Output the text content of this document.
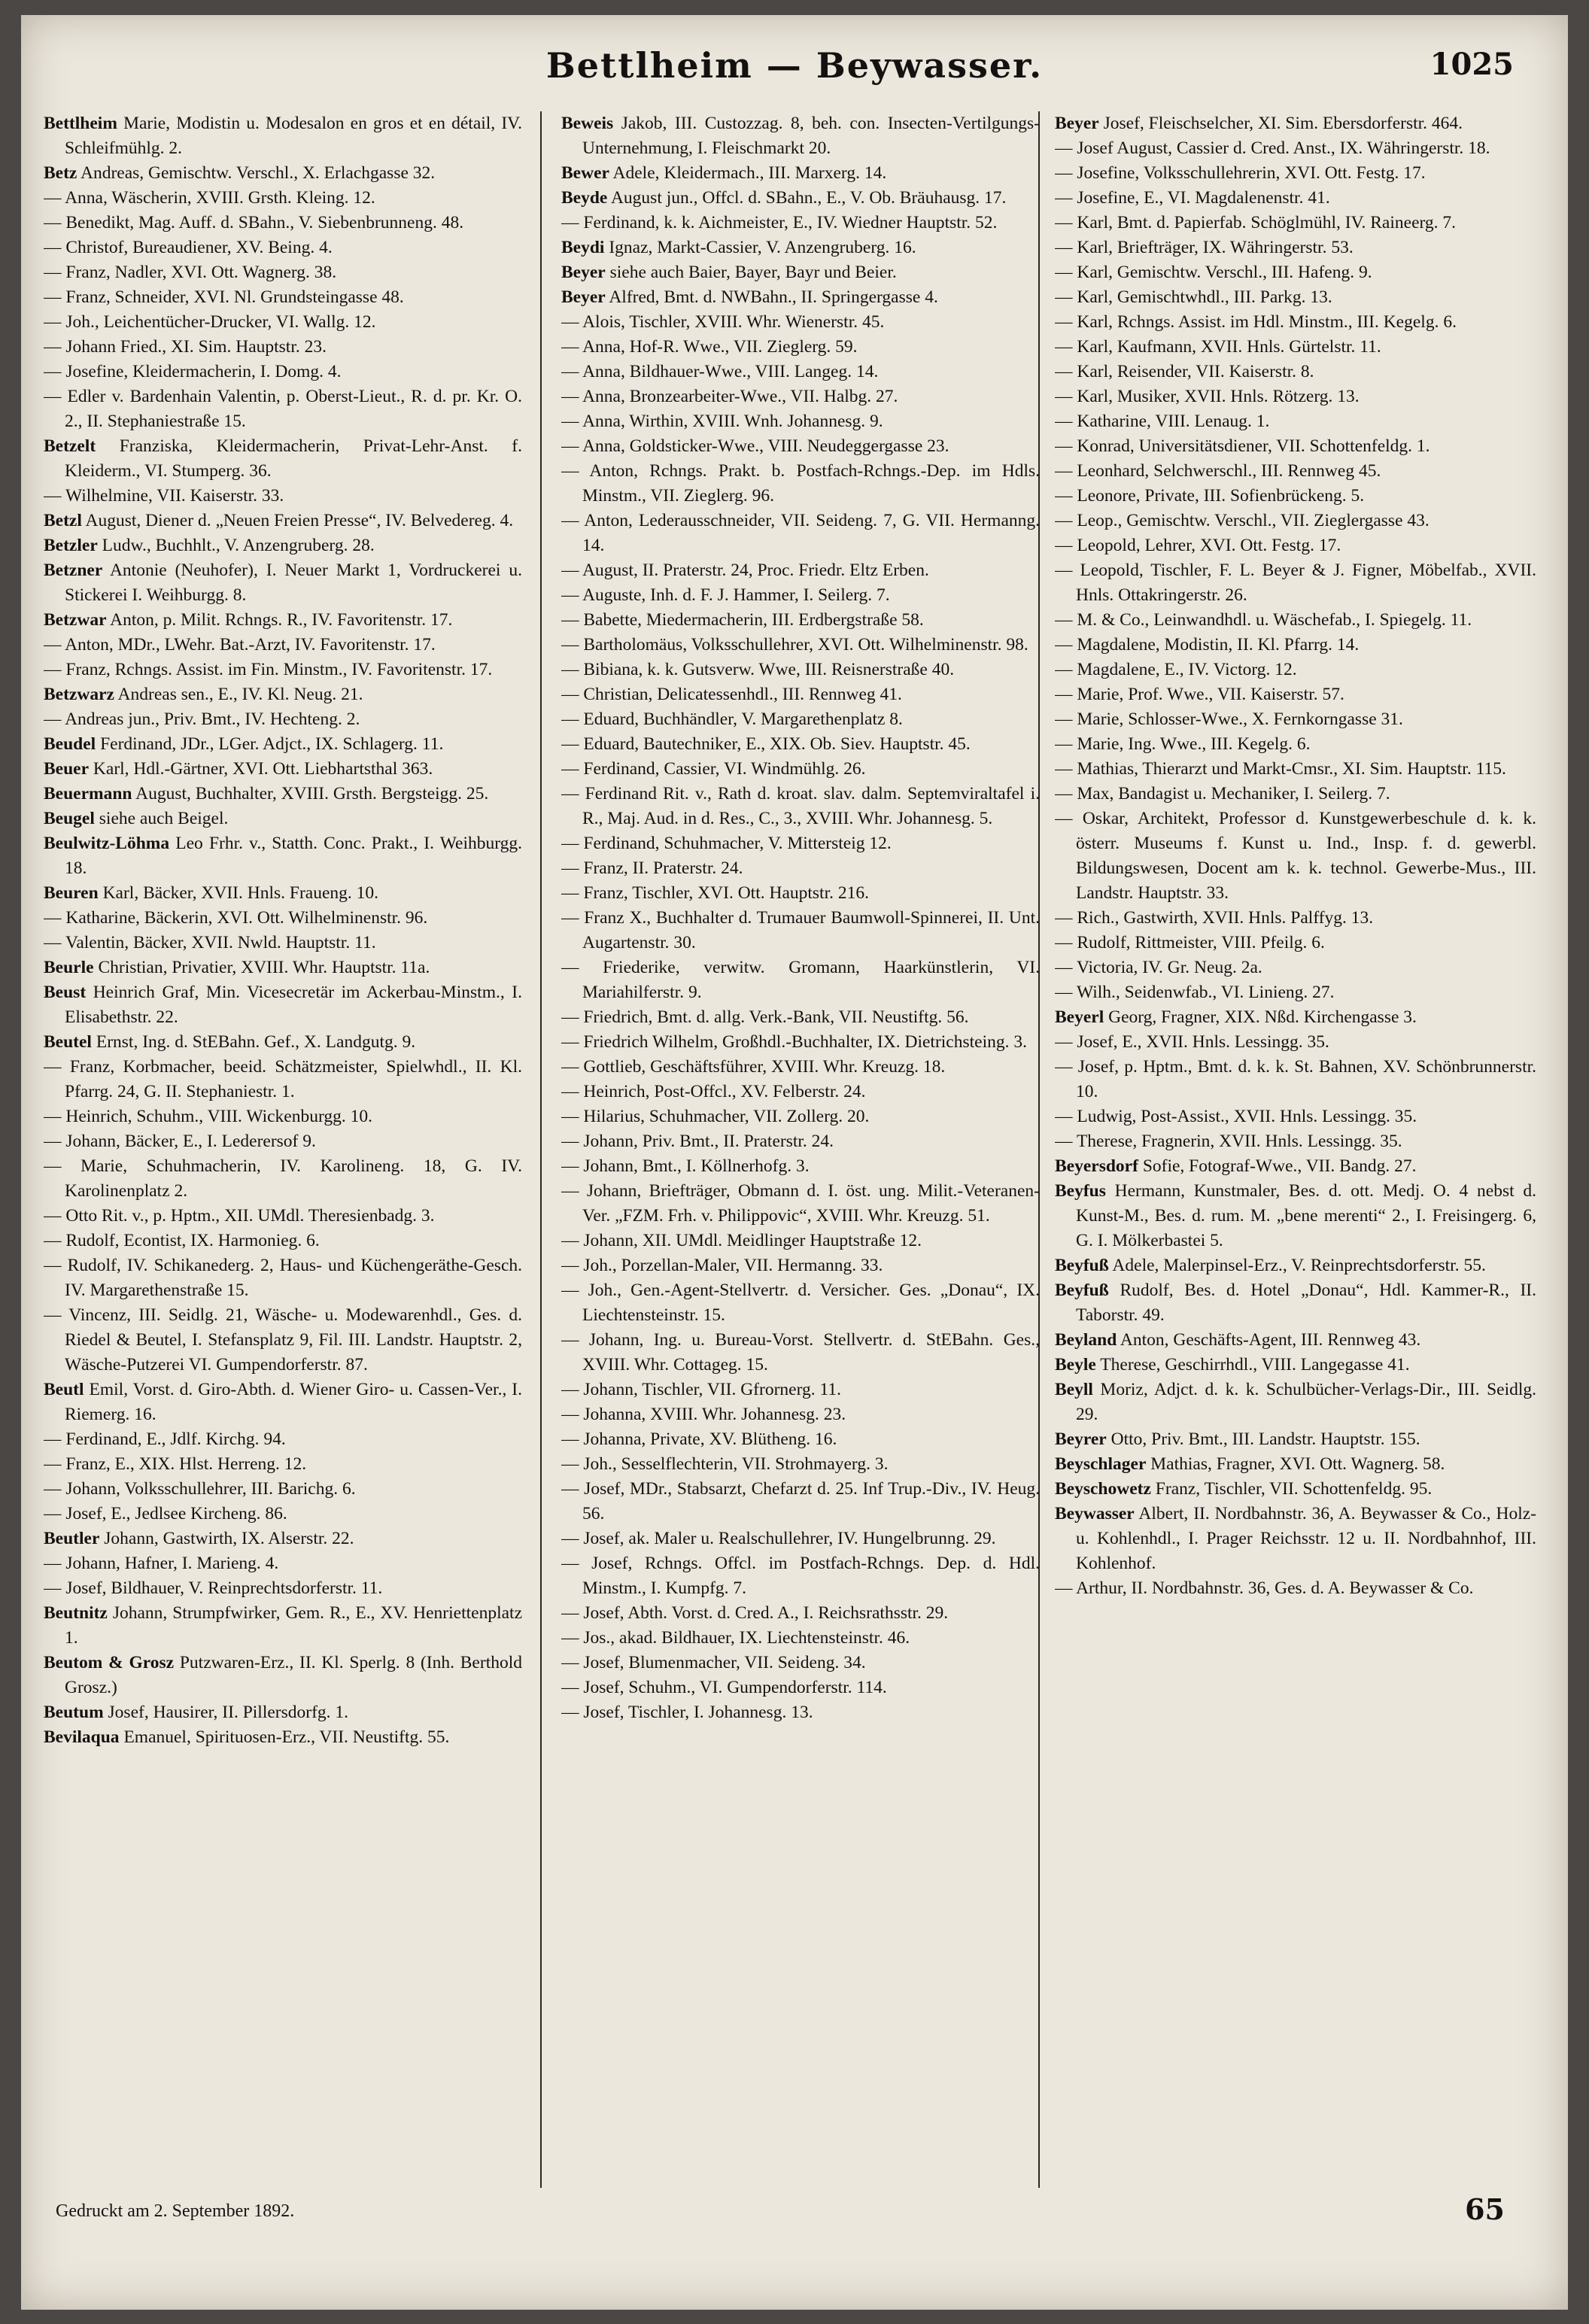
Bettlheim — Beywasser.	1025

Bettlheim Marie, Modistin u. Modesalon en gros et en détail, IV. Schleifmühlg. 2.

Betz Andreas, Gemischtw. Verschl., X. Erlachgasse 32.

— Anna, Wäscherin, XVIII. Grsth. Kleing. 12.

— Benedikt, Mag. Auff. d. SBahn., V. Siebenbrunneng. 48.

— Christof, Bureaudiener, XV. Being. 4.

— Franz, Nadler, XVI. Ott. Wagnerg. 38.

— Franz, Schneider, XVI. Nl. Grundsteingasse 48.

— Joh., Leichentücher-Drucker, VI. Wallg. 12.

— Johann Fried., XI. Sim. Hauptstr. 23.

— Josefine, Kleidermacherin, I. Domg. 4.

— Edler v. Bardenhain Valentin, p. Oberst-Lieut., R. d. pr. Kr. O. 2., II. Stephaniestraße 15.

Betzelt Franziska, Kleidermacherin, Privat-Lehr-Anst. f. Kleiderm., VI. Stumperg. 36.

— Wilhelmine, VII. Kaiserstr. 33.

Betzl August, Diener d. „Neuen Freien Presse“, IV. Belvedereg. 4.

Betzler Ludw., Buchhlt., V. Anzengruberg. 28.

Betzner Antonie (Neuhofer), I. Neuer Markt 1, Vordruckerei u. Stickerei I. Weihburgg. 8.

Betzwar Anton, p. Milit. Rchngs. R., IV. Favoritenstr. 17.

— Anton, MDr., LWehr. Bat.-Arzt, IV. Favoritenstr. 17.

— Franz, Rchngs. Assist. im Fin. Minstm., IV. Favoritenstr. 17.

Betzwarz Andreas sen., E., IV. Kl. Neug. 21.

— Andreas jun., Priv. Bmt., IV. Hechteng. 2.

Beudel Ferdinand, JDr., LGer. Adjct., IX. Schlagerg. 11.

Beuer Karl, Hdl.-Gärtner, XVI. Ott. Liebhartsthal 363.

Beuermann August, Buchhalter, XVIII. Grsth. Bergsteigg. 25.

Beugel siehe auch Beigel.

Beulwitz-Löhma Leo Frhr. v., Statth. Conc. Prakt., I. Weihburgg. 18.

Beuren Karl, Bäcker, XVII. Hnls. Fraueng. 10.

— Katharine, Bäckerin, XVI. Ott. Wilhelminenstr. 96.

— Valentin, Bäcker, XVII. Nwld. Hauptstr. 11.

Beurle Christian, Privatier, XVIII. Whr. Hauptstr. 11a.

Beust Heinrich Graf, Min. Vicesecretär im Ackerbau-Minstm., I. Elisabethstr. 22.

Beutel Ernst, Ing. d. StEBahn. Gef., X. Landgutg. 9.

— Franz, Korbmacher, beeid. Schätzmeister, Spielwhdl., II. Kl. Pfarrg. 24, G. II. Stephaniestr. 1.

— Heinrich, Schuhm., VIII. Wickenburgg. 10.

— Johann, Bäcker, E., I. Lederersof 9.

— Marie, Schuhmacherin, IV. Karolineng. 18, G. IV. Karolinenplatz 2.

— Otto Rit. v., p. Hptm., XII. UMdl. Theresienbadg. 3.

— Rudolf, Econtist, IX. Harmonieg. 6.

— Rudolf, IV. Schikanederg. 2, Haus- und Küchengeräthe-Gesch. IV. Margarethenstraße 15.

— Vincenz, III. Seidlg. 21, Wäsche- u. Modewarenhdl., Ges. d. Riedel & Beutel, I. Stefansplatz 9, Fil. III. Landstr. Hauptstr. 2, Wäsche-Putzerei VI. Gumpendorferstr. 87.

Beutl Emil, Vorst. d. Giro-Abth. d. Wiener Giro- u. Cassen-Ver., I. Riemerg. 16.

— Ferdinand, E., Jdlf. Kirchg. 94.

— Franz, E., XIX. Hlst. Herreng. 12.

— Johann, Volksschullehrer, III. Barichg. 6.

— Josef, E., Jedlsee Kircheng. 86.

Beutler Johann, Gastwirth, IX. Alserstr. 22.

— Johann, Hafner, I. Marieng. 4.

— Josef, Bildhauer, V. Reinprechtsdorferstr. 11.

Beutnitz Johann, Strumpfwirker, Gem. R., E., XV. Henriettenplatz 1.

Beutom & Grosz Putzwaren-Erz., II. Kl. Sperlg. 8 (Inh. Berthold Grosz.)

Beutum Josef, Hausirer, II. Pillersdorfg. 1.

Bevilaqua Emanuel, Spirituosen-Erz., VII. Neustiftg. 55.

Beweis Jakob, III. Custozzag. 8, beh. con. Insecten-Vertilgungs-Unternehmung, I. Fleischmarkt 20.

Bewer Adele, Kleidermach., III. Marxerg. 14.

Beyde August jun., Offcl. d. SBahn., E., V. Ob. Bräuhausg. 17.

— Ferdinand, k. k. Aichmeister, E., IV. Wiedner Hauptstr. 52.

Beydi Ignaz, Markt-Cassier, V. Anzengruberg. 16.

Beyer siehe auch Baier, Bayer, Bayr und Beier.

Beyer Alfred, Bmt. d. NWBahn., II. Springergasse 4.

— Alois, Tischler, XVIII. Whr. Wienerstr. 45.

— Anna, Hof-R. Wwe., VII. Zieglerg. 59.

— Anna, Bildhauer-Wwe., VIII. Langeg. 14.

— Anna, Bronzearbeiter-Wwe., VII. Halbg. 27.

— Anna, Wirthin, XVIII. Wnh. Johannesg. 9.

— Anna, Goldsticker-Wwe., VIII. Neudeggergasse 23.

— Anton, Rchngs. Prakt. b. Postfach-Rchngs.-Dep. im Hdls. Minstm., VII. Zieglerg. 96.

— Anton, Lederausschneider, VII. Seideng. 7, G. VII. Hermanng. 14.

— August, II. Praterstr. 24, Proc. Friedr. Eltz Erben.

— Auguste, Inh. d. F. J. Hammer, I. Seilerg. 7.

— Babette, Miedermacherin, III. Erdbergstraße 58.

— Bartholomäus, Volksschullehrer, XVI. Ott. Wilhelminenstr. 98.

— Bibiana, k. k. Gutsverw. Wwe, III. Reisnerstraße 40.

— Christian, Delicatessenhdl., III. Rennweg 41.

— Eduard, Buchhändler, V. Margarethenplatz 8.

— Eduard, Bautechniker, E., XIX. Ob. Siev. Hauptstr. 45.

— Ferdinand, Cassier, VI. Windmühlg. 26.

— Ferdinand Rit. v., Rath d. kroat. slav. dalm. Septemviraltafel i. R., Maj. Aud. in d. Res., C., 3., XVIII. Whr. Johannesg. 5.

— Ferdinand, Schuhmacher, V. Mittersteig 12.

— Franz, II. Praterstr. 24.

— Franz, Tischler, XVI. Ott. Hauptstr. 216.

— Franz X., Buchhalter d. Trumauer Baumwoll-Spinnerei, II. Unt. Augartenstr. 30.

— Friederike, verwitw. Gromann, Haarkünstlerin, VI. Mariahilferstr. 9.

— Friedrich, Bmt. d. allg. Verk.-Bank, VII. Neustiftg. 56.

— Friedrich Wilhelm, Großhdl.-Buchhalter, IX. Dietrichsteing. 3.

— Gottlieb, Geschäftsführer, XVIII. Whr. Kreuzg. 18.

— Heinrich, Post-Offcl., XV. Felberstr. 24.

— Hilarius, Schuhmacher, VII. Zollerg. 20.

— Johann, Priv. Bmt., II. Praterstr. 24.

— Johann, Bmt., I. Köllnerhofg. 3.

— Johann, Briefträger, Obmann d. I. öst. ung. Milit.-Veteranen-Ver. „FZM. Frh. v. Philippovic“, XVIII. Whr. Kreuzg. 51.

— Johann, XII. UMdl. Meidlinger Hauptstraße 12.

— Joh., Porzellan-Maler, VII. Hermanng. 33.

— Joh., Gen.-Agent-Stellvertr. d. Versicher. Ges. „Donau“, IX. Liechtensteinstr. 15.

— Johann, Ing. u. Bureau-Vorst. Stellvertr. d. StEBahn. Ges., XVIII. Whr. Cottageg. 15.

— Johann, Tischler, VII. Gfrornerg. 11.

— Johanna, XVIII. Whr. Johannesg. 23.

— Johanna, Private, XV. Blütheng. 16.

— Joh., Sesselflechterin, VII. Strohmayerg. 3.

— Josef, MDr., Stabsarzt, Chefarzt d. 25. Inf Trup.-Div., IV. Heug. 56.

— Josef, ak. Maler u. Realschullehrer, IV. Hungelbrunng. 29.

— Josef, Rchngs. Offcl. im Postfach-Rchngs. Dep. d. Hdl. Minstm., I. Kumpfg. 7.

— Josef, Abth. Vorst. d. Cred. A., I. Reichsrathsstr. 29.

— Jos., akad. Bildhauer, IX. Liechtensteinstr. 46.

— Josef, Blumenmacher, VII. Seideng. 34.

— Josef, Schuhm., VI. Gumpendorferstr. 114.

— Josef, Tischler, I. Johannesg. 13.

Beyer Josef, Fleischselcher, XI. Sim. Ebersdorferstr. 464.

— Josef August, Cassier d. Cred. Anst., IX. Währingerstr. 18.

— Josefine, Volksschullehrerin, XVI. Ott. Festg. 17.

— Josefine, E., VI. Magdalenenstr. 41.

— Karl, Bmt. d. Papierfab. Schöglmühl, IV. Raineerg. 7.

— Karl, Briefträger, IX. Währingerstr. 53.

— Karl, Gemischtw. Verschl., III. Hafeng. 9.

— Karl, Gemischtwhdl., III. Parkg. 13.

— Karl, Rchngs. Assist. im Hdl. Minstm., III. Kegelg. 6.

— Karl, Kaufmann, XVII. Hnls. Gürtelstr. 11.

— Karl, Reisender, VII. Kaiserstr. 8.

— Karl, Musiker, XVII. Hnls. Rötzerg. 13.

— Katharine, VIII. Lenaug. 1.

— Konrad, Universitätsdiener, VII. Schottenfeldg. 1.

— Leonhard, Selchwerschl., III. Rennweg 45.

— Leonore, Private, III. Sofienbrückeng. 5.

— Leop., Gemischtw. Verschl., VII. Zieglergasse 43.

— Leopold, Lehrer, XVI. Ott. Festg. 17.

— Leopold, Tischler, F. L. Beyer & J. Figner, Möbelfab., XVII. Hnls. Ottakringerstr. 26.

— M. & Co., Leinwandhdl. u. Wäschefab., I. Spiegelg. 11.

— Magdalene, Modistin, II. Kl. Pfarrg. 14.

— Magdalene, E., IV. Victorg. 12.

— Marie, Prof. Wwe., VII. Kaiserstr. 57.

— Marie, Schlosser-Wwe., X. Fernkorngasse 31.

— Marie, Ing. Wwe., III. Kegelg. 6.

— Mathias, Thierarzt und Markt-Cmsr., XI. Sim. Hauptstr. 115.

— Max, Bandagist u. Mechaniker, I. Seilerg. 7.

— Oskar, Architekt, Professor d. Kunstgewerbeschule d. k. k. österr. Museums f. Kunst u. Ind., Insp. f. d. gewerbl. Bildungswesen, Docent am k. k. technol. Gewerbe-Mus., III. Landstr. Hauptstr. 33.

— Rich., Gastwirth, XVII. Hnls. Palffyg. 13.

— Rudolf, Rittmeister, VIII. Pfeilg. 6.

— Victoria, IV. Gr. Neug. 2a.

— Wilh., Seidenwfab., VI. Linieng. 27.

Beyerl Georg, Fragner, XIX. Nßd. Kirchengasse 3.

— Josef, E., XVII. Hnls. Lessingg. 35.

— Josef, p. Hptm., Bmt. d. k. k. St. Bahnen, XV. Schönbrunnerstr. 10.

— Ludwig, Post-Assist., XVII. Hnls. Lessingg. 35.

— Therese, Fragnerin, XVII. Hnls. Lessingg. 35.

Beyersdorf Sofie, Fotograf-Wwe., VII. Bandg. 27.

Beyfus Hermann, Kunstmaler, Bes. d. ott. Medj. O. 4 nebst d. Kunst-M., Bes. d. rum. M. „bene merenti“ 2., I. Freisingerg. 6, G. I. Mölkerbastei 5.

Beyfuß Adele, Malerpinsel-Erz., V. Reinprechtsdorferstr. 55.

Beyfuß Rudolf, Bes. d. Hotel „Donau“, Hdl. Kammer-R., II. Taborstr. 49.

Beyland Anton, Geschäfts-Agent, III. Rennweg 43.

Beyle Therese, Geschirrhdl., VIII. Langegasse 41.

Beyll Moriz, Adjct. d. k. k. Schulbücher-Verlags-Dir., III. Seidlg. 29.

Beyrer Otto, Priv. Bmt., III. Landstr. Hauptstr. 155.

Beyschlager Mathias, Fragner, XVI. Ott. Wagnerg. 58.

Beyschowetz Franz, Tischler, VII. Schottenfeldg. 95.

Beywasser Albert, II. Nordbahnstr. 36, A. Beywasser & Co., Holz- u. Kohlenhdl., I. Prager Reichsstr. 12 u. II. Nordbahnhof, III. Kohlenhof.

— Arthur, II. Nordbahnstr. 36, Ges. d. A. Beywasser & Co.

Gedruckt am 2. September 1892.	65
